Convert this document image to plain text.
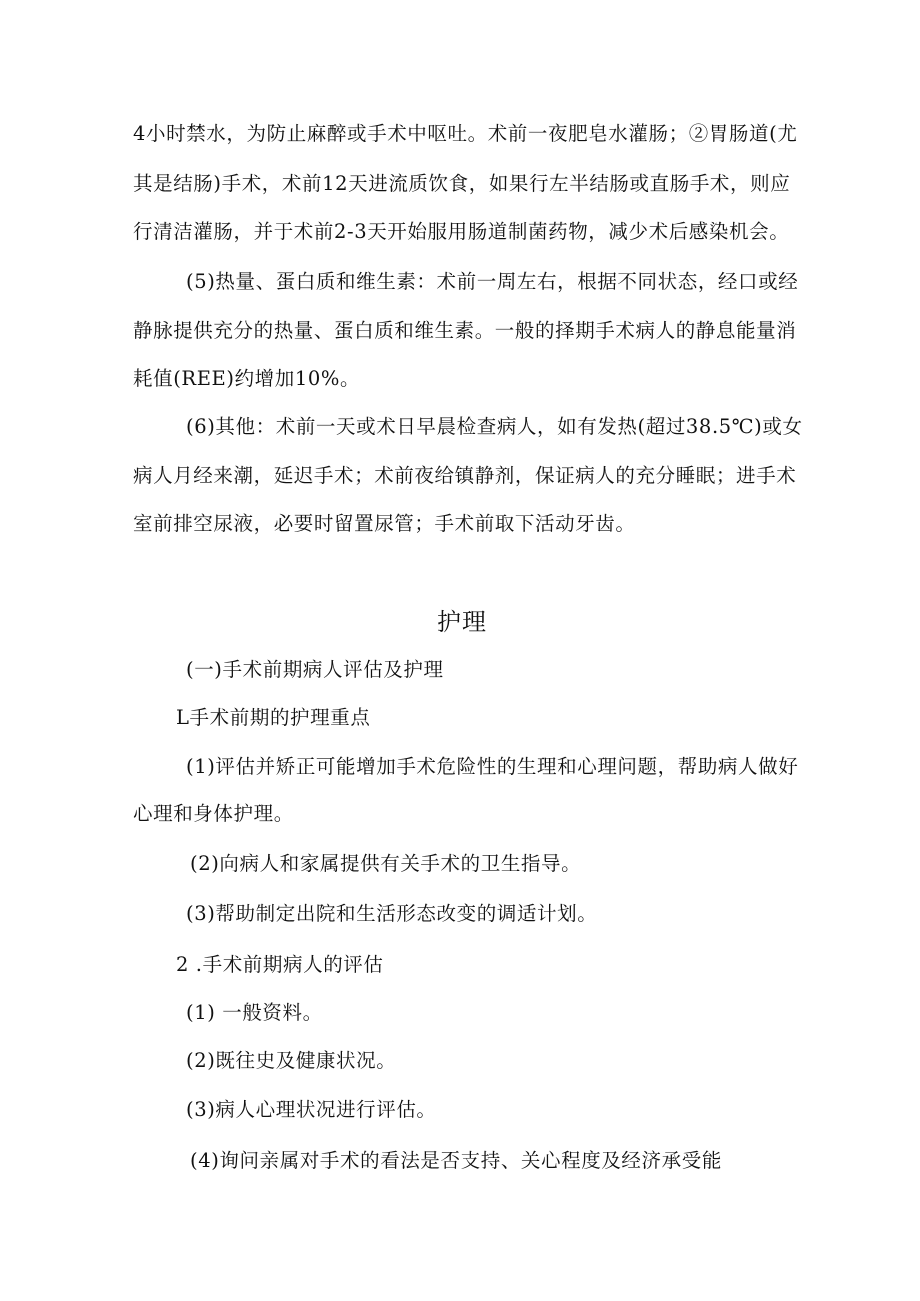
4小时禁水，为防止麻醉或手术中呕吐。术前一夜肥皂水灌肠；②胃肠道(尤
其是结肠)手术，术前12天进流质饮食，如果行左半结肠或直肠手术，则应
行清洁灌肠，并于术前2-3天开始服用肠道制菌药物，减少术后感染机会。
(5)热量、蛋白质和维生素：术前一周左右，根据不同状态，经口或经
静脉提供充分的热量、蛋白质和维生素。一般的择期手术病人的静息能量消
耗值(REE)约增加10%。
(6)其他：术前一天或术日早晨检查病人，如有发热(超过38.5℃)或女
病人月经来潮，延迟手术；术前夜给镇静剂，保证病人的充分睡眠；进手术
室前排空尿液，必要时留置尿管；手术前取下活动牙齿。
护理
(一)手术前期病人评估及护理
L手术前期的护理重点
(1)评估并矫正可能增加手术危险性的生理和心理问题，帮助病人做好
心理和身体护理。
(2)向病人和家属提供有关手术的卫生指导。
(3)帮助制定出院和生活形态改变的调适计划。
2 .手术前期病人的评估
(1) 一般资料。
(2)既往史及健康状况。
(3)病人心理状况进行评估。
(4)询问亲属对手术的看法是否支持、关心程度及经济承受能
